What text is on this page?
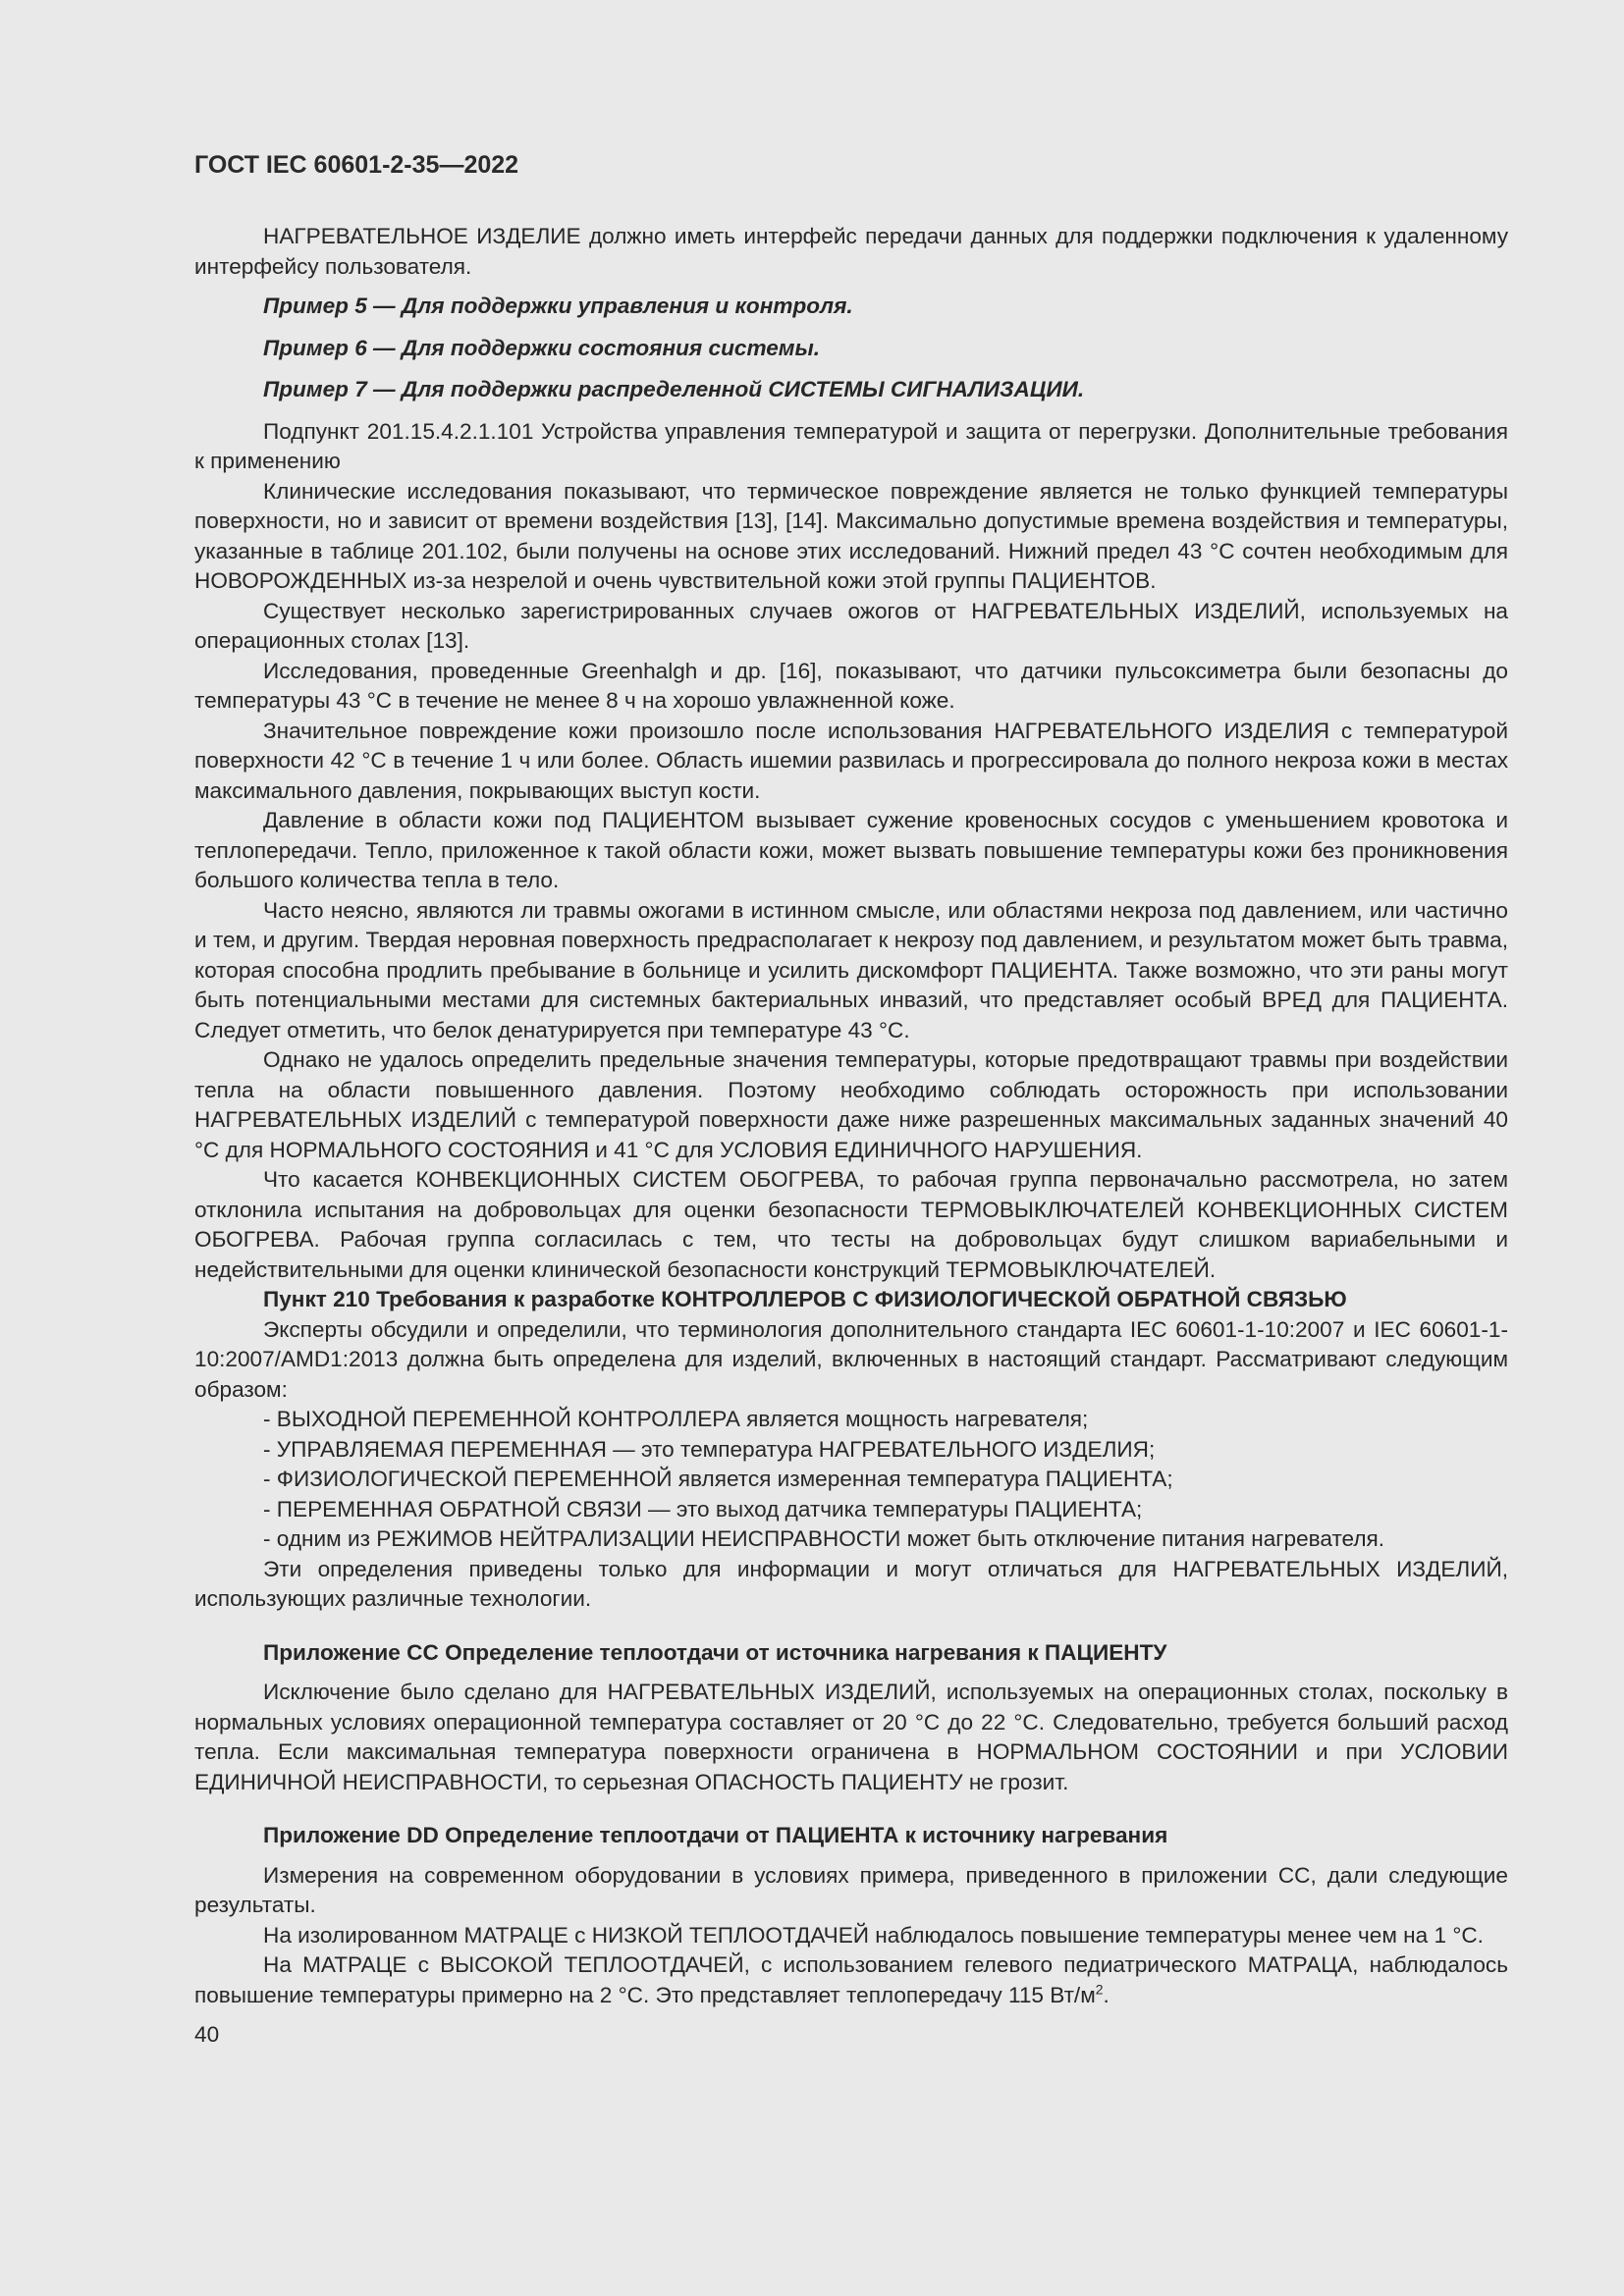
ГОСТ IEC 60601-2-35—2022

НАГРЕВАТЕЛЬНОЕ ИЗДЕЛИЕ должно иметь интерфейс передачи данных для поддержки подключения к удаленному интерфейсу пользователя.

Пример 5 — Для поддержки управления и контроля.
Пример 6 — Для поддержки состояния системы.
Пример 7 — Для поддержки распределенной СИСТЕМЫ СИГНАЛИЗАЦИИ.

Подпункт 201.15.4.2.1.101 Устройства управления температурой и защита от перегрузки. Дополнительные требования к применению

Клинические исследования показывают, что термическое повреждение является не только функцией температуры поверхности, но и зависит от времени воздействия [13], [14]. Максимально допустимые времена воздействия и температуры, указанные в таблице 201.102, были получены на основе этих исследований. Нижний предел 43 °С сочтен необходимым для НОВОРОЖДЕННЫХ из-за незрелой и очень чувствительной кожи этой группы ПАЦИЕНТОВ.

Существует несколько зарегистрированных случаев ожогов от НАГРЕВАТЕЛЬНЫХ ИЗДЕЛИЙ, используемых на операционных столах [13].

Исследования, проведенные Greenhalgh и др. [16], показывают, что датчики пульсоксиметра были безопасны до температуры 43 °С в течение не менее 8 ч на хорошо увлажненной коже.

Значительное повреждение кожи произошло после использования НАГРЕВАТЕЛЬНОГО ИЗДЕЛИЯ с температурой поверхности 42 °С в течение 1 ч или более. Область ишемии развилась и прогрессировала до полного некроза кожи в местах максимального давления, покрывающих выступ кости.

Давление в области кожи под ПАЦИЕНТОМ вызывает сужение кровеносных сосудов с уменьшением кровотока и теплопередачи. Тепло, приложенное к такой области кожи, может вызвать повышение температуры кожи без проникновения большого количества тепла в тело.

Часто неясно, являются ли травмы ожогами в истинном смысле, или областями некроза под давлением, или частично и тем, и другим. Твердая неровная поверхность предрасполагает к некрозу под давлением, и результатом может быть травма, которая способна продлить пребывание в больнице и усилить дискомфорт ПАЦИЕНТА. Также возможно, что эти раны могут быть потенциальными местами для системных бактериальных инвазий, что представляет особый ВРЕД для ПАЦИЕНТА. Следует отметить, что белок денатурируется при температуре 43 °С.

Однако не удалось определить предельные значения температуры, которые предотвращают травмы при воздействии тепла на области повышенного давления. Поэтому необходимо соблюдать осторожность при использовании НАГРЕВАТЕЛЬНЫХ ИЗДЕЛИЙ с температурой поверхности даже ниже разрешенных максимальных заданных значений 40 °С для НОРМАЛЬНОГО СОСТОЯНИЯ и 41 °С для УСЛОВИЯ ЕДИНИЧНОГО НАРУШЕНИЯ.

Что касается КОНВЕКЦИОННЫХ СИСТЕМ ОБОГРЕВА, то рабочая группа первоначально рассмотрела, но затем отклонила испытания на добровольцах для оценки безопасности ТЕРМОВЫКЛЮЧАТЕЛЕЙ КОНВЕКЦИОННЫХ СИСТЕМ ОБОГРЕВА. Рабочая группа согласилась с тем, что тесты на добровольцах будут слишком вариабельными и недействительными для оценки клинической безопасности конструкций ТЕРМОВЫКЛЮЧАТЕЛЕЙ.

Пункт 210 Требования к разработке КОНТРОЛЛЕРОВ С ФИЗИОЛОГИЧЕСКОЙ ОБРАТНОЙ СВЯЗЬЮ

Эксперты обсудили и определили, что терминология дополнительного стандарта IEC 60601-1-10:2007 и IEC 60601-1-10:2007/AMD1:2013 должна быть определена для изделий, включенных в настоящий стандарт. Рассматривают следующим образом:

- ВЫХОДНОЙ ПЕРЕМЕННОЙ КОНТРОЛЛЕРА является мощность нагревателя;
- УПРАВЛЯЕМАЯ ПЕРЕМЕННАЯ — это температура НАГРЕВАТЕЛЬНОГО ИЗДЕЛИЯ;
- ФИЗИОЛОГИЧЕСКОЙ ПЕРЕМЕННОЙ является измеренная температура ПАЦИЕНТА;
- ПЕРЕМЕННАЯ ОБРАТНОЙ СВЯЗИ — это выход датчика температуры ПАЦИЕНТА;
- одним из РЕЖИМОВ НЕЙТРАЛИЗАЦИИ НЕИСПРАВНОСТИ может быть отключение питания нагревателя.

Эти определения приведены только для информации и могут отличаться для НАГРЕВАТЕЛЬНЫХ ИЗДЕЛИЙ, использующих различные технологии.

Приложение СС Определение теплоотдачи от источника нагревания к ПАЦИЕНТУ

Исключение было сделано для НАГРЕВАТЕЛЬНЫХ ИЗДЕЛИЙ, используемых на операционных столах, поскольку в нормальных условиях операционной температура составляет от 20 °С до 22 °С. Следовательно, требуется больший расход тепла. Если максимальная температура поверхности ограничена в НОРМАЛЬНОМ СОСТОЯНИИ и при УСЛОВИИ ЕДИНИЧНОЙ НЕИСПРАВНОСТИ, то серьезная ОПАСНОСТЬ ПАЦИЕНТУ не грозит.

Приложение DD Определение теплоотдачи от ПАЦИЕНТА к источнику нагревания

Измерения на современном оборудовании в условиях примера, приведенного в приложении СС, дали следующие результаты.

На изолированном МАТРАЦЕ с НИЗКОЙ ТЕПЛООТДАЧЕЙ наблюдалось повышение температуры менее чем на 1 °С.

На МАТРАЦЕ с ВЫСОКОЙ ТЕПЛООТДАЧЕЙ, с использованием гелевого педиатрического МАТРАЦА, наблюдалось повышение температуры примерно на 2 °С. Это представляет теплопередачу 115 $Вт/м^2$.

40
